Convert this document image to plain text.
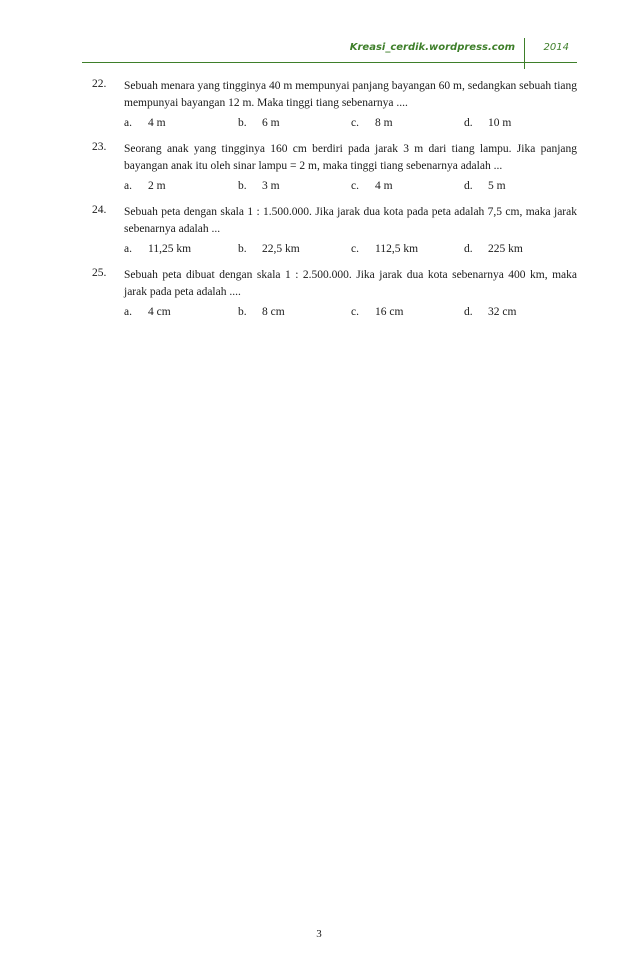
Kreasi_cerdik.wordpress.com	2014
22.	Sebuah menara yang tingginya 40 m mempunyai panjang bayangan 60 m, sedangkan sebuah tiang mempunyai bayangan 12 m. Maka tinggi tiang sebenarnya ....
a. 4 m	b. 6 m	c. 8 m	d. 10 m
23.	Seorang anak yang tingginya 160 cm berdiri pada jarak 3 m dari tiang lampu. Jika panjang bayangan anak itu oleh sinar lampu = 2 m, maka tinggi tiang sebenarnya adalah ...
a. 2 m	b. 3 m	c. 4 m	d. 5 m
24.	Sebuah peta dengan skala 1 : 1.500.000. Jika jarak dua kota pada peta adalah 7,5 cm, maka jarak sebenarnya adalah ...
a. 11,25 km	b. 22,5 km	c. 112,5 km	d. 225 km
25.	Sebuah peta dibuat dengan skala 1 : 2.500.000. Jika jarak dua kota sebenarnya 400 km, maka jarak pada peta adalah ....
a. 4 cm	b. 8 cm	c. 16 cm	d. 32 cm
3
